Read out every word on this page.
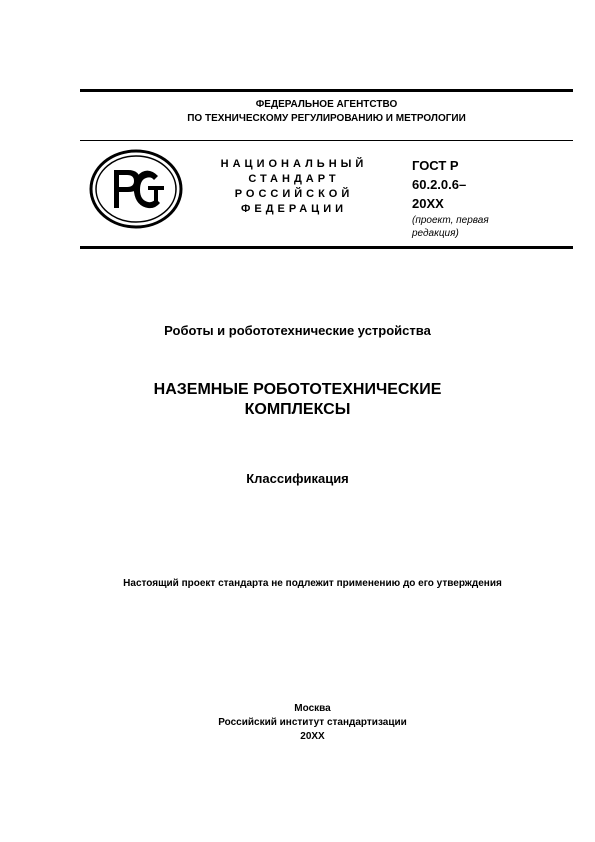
ФЕДЕРАЛЬНОЕ АГЕНТСТВО
ПО ТЕХНИЧЕСКОМУ РЕГУЛИРОВАНИЮ И МЕТРОЛОГИИ
НАЦИОНАЛЬНЫЙ
СТАНДАРТ
РОССИЙСКОЙ
ФЕДЕРАЦИИ
ГОСТ Р
60.2.0.6–
20XX
(проект, первая редакция)
Роботы и робототехнические устройства
НАЗЕМНЫЕ РОБОТОТЕХНИЧЕСКИЕ
КОМПЛЕКСЫ
Классификация
Настоящий проект стандарта не подлежит применению до его утверждения
Москва
Российский институт стандартизации
20XX
